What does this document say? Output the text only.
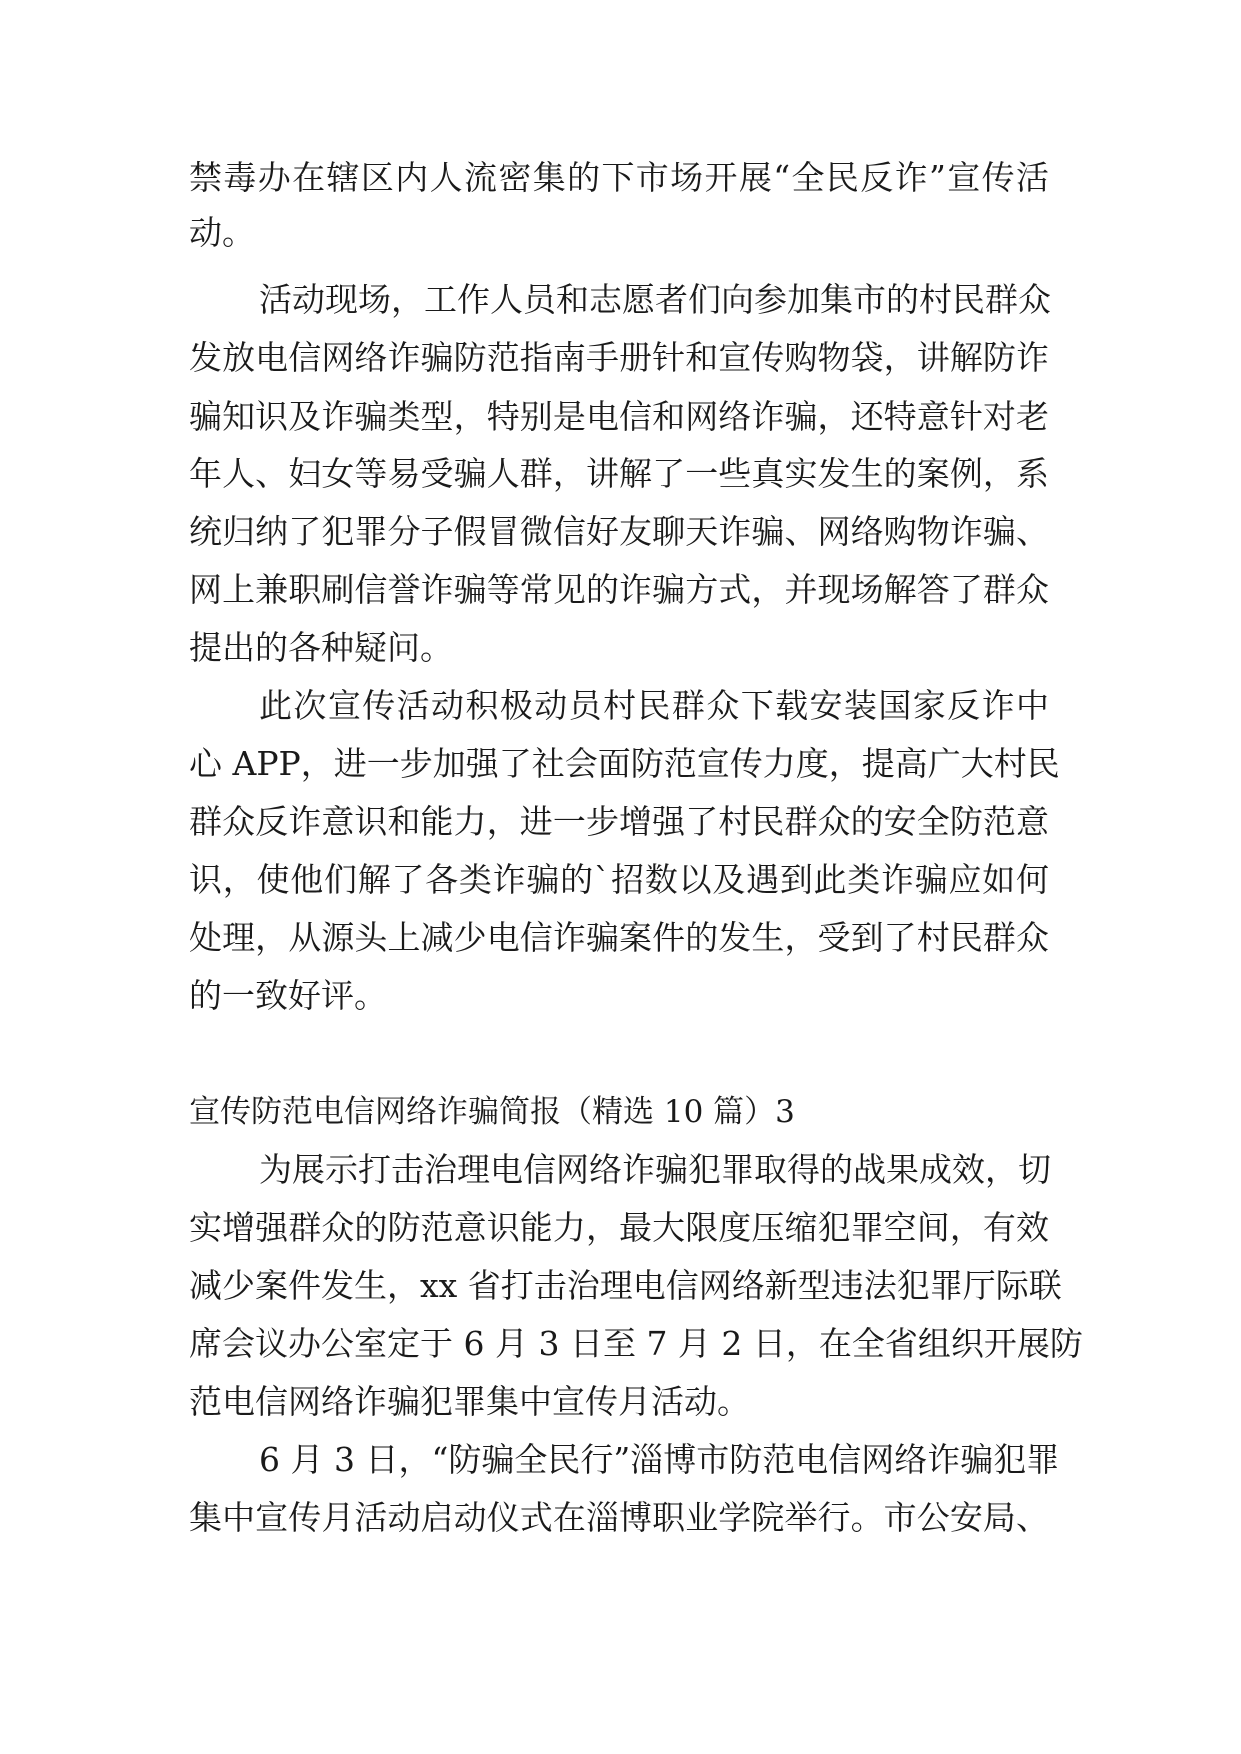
禁毒办在辖区内人流密集的下市场开展“全民反诈”宣传活
动。
活动现场，工作人员和志愿者们向参加集市的村民群众
发放电信网络诈骗防范指南手册针和宣传购物袋，讲解防诈
骗知识及诈骗类型，特别是电信和网络诈骗，还特意针对老
年人、妇女等易受骗人群，讲解了一些真实发生的案例，系
统归纳了犯罪分子假冒微信好友聊天诈骗、网络购物诈骗、
网上兼职刷信誉诈骗等常见的诈骗方式，并现场解答了群众
提出的各种疑问。
此次宣传活动积极动员村民群众下载安装国家反诈中
心 APP，进一步加强了社会面防范宣传力度，提高广大村民
群众反诈意识和能力，进一步增强了村民群众的安全防范意
识，使他们解了各类诈骗的`招数以及遇到此类诈骗应如何
处理，从源头上减少电信诈骗案件的发生，受到了村民群众
的一致好评。
宣传防范电信网络诈骗简报（精选 10 篇）3
为展示打击治理电信网络诈骗犯罪取得的战果成效，切
实增强群众的防范意识能力，最大限度压缩犯罪空间，有效
减少案件发生，xx 省打击治理电信网络新型违法犯罪厅际联
席会议办公室定于 6 月 3 日至 7 月 2 日，在全省组织开展防
范电信网络诈骗犯罪集中宣传月活动。
6 月 3 日，“防骗全民行”淄博市防范电信网络诈骗犯罪
集中宣传月活动启动仪式在淄博职业学院举行。市公安局、
